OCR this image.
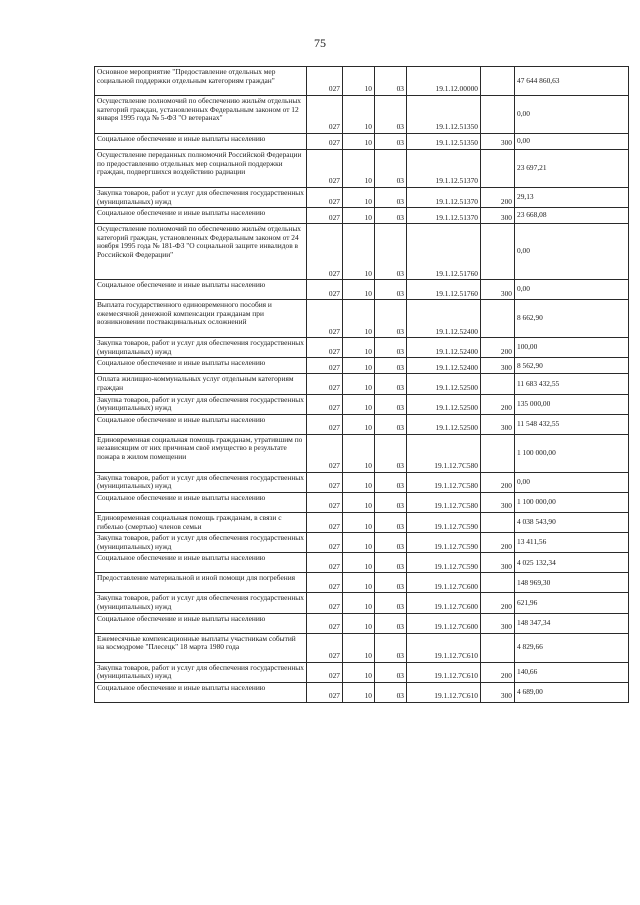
75
Основное мероприятие "Предоставление отдельных мер социальной поддержки отдельным категориям граждан"	027	10	03	19.1.12.00000		47 644 860,63
Осуществление полномочий по обеспечению жильём отдельных категорий граждан, установленных Федеральным законом от 12 января 1995 года № 5-ФЗ "О ветеранах"	027	10	03	19.1.12.51350		0,00
Социальное обеспечение и иные выплаты населению	027	10	03	19.1.12.51350	300	0,00
Осуществление переданных полномочий Российской Федерации по предоставлению отдельных мер социальной поддержки граждан, подвергшихся воздействию радиации	027	10	03	19.1.12.51370		23 697,21
Закупка товаров, работ и услуг для обеспечения государственных (муниципальных) нужд	027	10	03	19.1.12.51370	200	29,13
Социальное обеспечение и иные выплаты населению	027	10	03	19.1.12.51370	300	23 668,08
Осуществление полномочий по обеспечению жильём отдельных категорий граждан, установленных Федеральным законом от 24 ноября 1995 года № 181-ФЗ "О социальной защите инвалидов в Российской Федерации"	027	10	03	19.1.12.51760		0,00
Социальное обеспечение и иные выплаты населению	027	10	03	19.1.12.51760	300	0,00
Выплата государственного единовременного пособия и ежемесячной денежной компенсации гражданам при возникновении поствакцинальных осложнений	027	10	03	19.1.12.52400		8 662,90
Закупка товаров, работ и услуг для обеспечения государственных (муниципальных) нужд	027	10	03	19.1.12.52400	200	100,00
Социальное обеспечение и иные выплаты населению	027	10	03	19.1.12.52400	300	8 562,90
Оплата жилищно-коммунальных услуг отдельным категориям граждан	027	10	03	19.1.12.52500		11 683 432,55
Закупка товаров, работ и услуг для обеспечения государственных (муниципальных) нужд	027	10	03	19.1.12.52500	200	135 000,00
Социальное обеспечение и иные выплаты населению	027	10	03	19.1.12.52500	300	11 548 432,55
Единовременная социальная помощь гражданам, утратившим по независящим от них причинам своё имущество в результате пожара в жилом помещении	027	10	03	19.1.12.7С580		1 100 000,00
Закупка товаров, работ и услуг для обеспечения государственных (муниципальных) нужд	027	10	03	19.1.12.7С580	200	0,00
Социальное обеспечение и иные выплаты населению	027	10	03	19.1.12.7С580	300	1 100 000,00
Единовременная социальная помощь гражданам, в связи с гибелью (смертью) членов семьи	027	10	03	19.1.12.7С590		4 038 543,90
Закупка товаров, работ и услуг для обеспечения государственных (муниципальных) нужд	027	10	03	19.1.12.7С590	200	13 411,56
Социальное обеспечение и иные выплаты населению	027	10	03	19.1.12.7С590	300	4 025 132,34
Предоставление материальной и иной помощи для погребения	027	10	03	19.1.12.7С600		148 969,30
Закупка товаров, работ и услуг для обеспечения государственных (муниципальных) нужд	027	10	03	19.1.12.7С600	200	621,96
Социальное обеспечение и иные выплаты населению	027	10	03	19.1.12.7С600	300	148 347,34
Ежемесячные компенсационные выплаты участникам событий на космодроме "Плесецк" 18 марта 1980 года	027	10	03	19.1.12.7С610		4 829,66
Закупка товаров, работ и услуг для обеспечения государственных (муниципальных) нужд	027	10	03	19.1.12.7С610	200	140,66
Социальное обеспечение и иные выплаты населению	027	10	03	19.1.12.7С610	300	4 689,00
